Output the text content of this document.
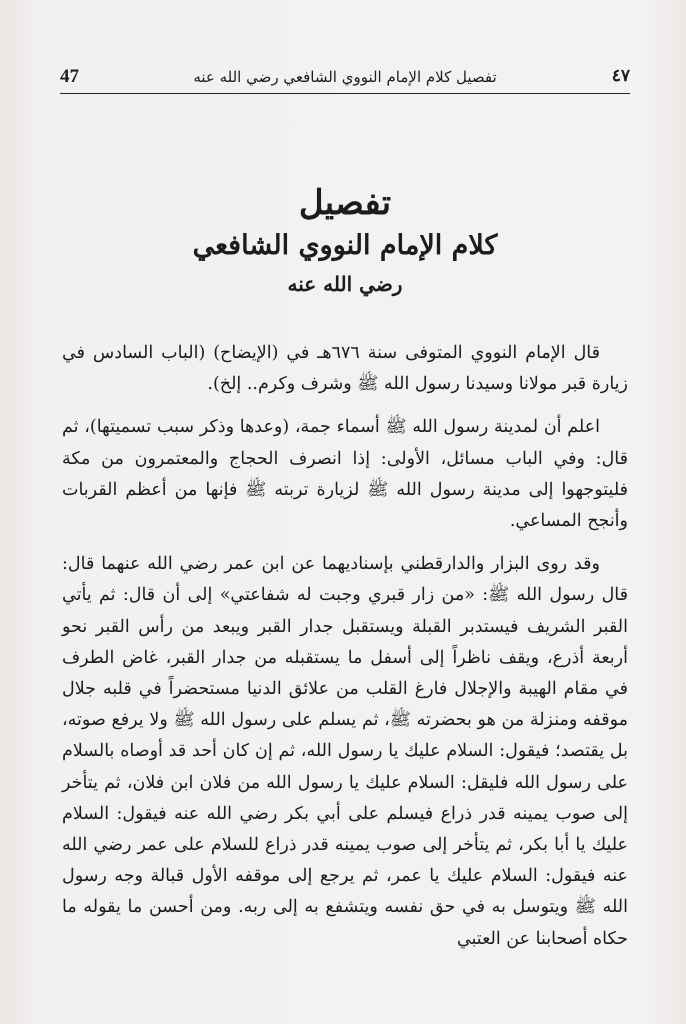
47	تفصيل كلام الإمام النووي الشافعي رضي الله عنه	٤٧
تفصيل
كلام الإمام النووي الشافعي
رضي الله عنه

قال الإمام النووي المتوفى سنة ٦٧٦هـ في (الإيضاح) (الباب السادس في زيارة قبر مولانا وسيدنا رسول الله ﷺ وشرف وكرم.. إلخ).

اعلم أن لمدينة رسول الله ﷺ أسماء جمة، (وعدها وذكر سبب تسميتها)، ثم قال: وفي الباب مسائل، الأولى: إذا انصرف الحجاج والمعتمرون من مكة فليتوجهوا إلى مدينة رسول الله ﷺ لزيارة تربته ﷺ فإنها من أعظم القربات وأنجح المساعي.

وقد روى البزار والدارقطني بإسناديهما عن ابن عمر رضي الله عنهما قال: قال رسول الله ﷺ: «من زار قبري وجبت له شفاعتي» إلى أن قال: ثم يأتي القبر الشريف فيستدبر القبلة ويستقبل جدار القبر ويبعد من رأس القبر نحو أربعة أذرع، ويقف ناظراً إلى أسفل ما يستقبله من جدار القبر، غاض الطرف في مقام الهيبة والإجلال فارغ القلب من علائق الدنيا مستحضراً في قلبه جلال موقفه ومنزلة من هو بحضرته ﷺ، ثم يسلم على رسول الله ﷺ ولا يرفع صوته، بل يقتصد؛ فيقول: السلام عليك يا رسول الله، ثم إن كان أحد قد أوصاه بالسلام على رسول الله فليقل: السلام عليك يا رسول الله من فلان ابن فلان، ثم يتأخر إلى صوب يمينه قدر ذراع فيسلم على أبي بكر رضي الله عنه فيقول: السلام عليك يا أبا بكر، ثم يتأخر إلى صوب يمينه قدر ذراع للسلام على عمر رضي الله عنه فيقول: السلام عليك يا عمر، ثم يرجع إلى موقفه الأول قبالة وجه رسول الله ﷺ ويتوسل به في حق نفسه ويتشفع به إلى ربه. ومن أحسن ما يقوله ما حكاه أصحابنا عن العتبي
